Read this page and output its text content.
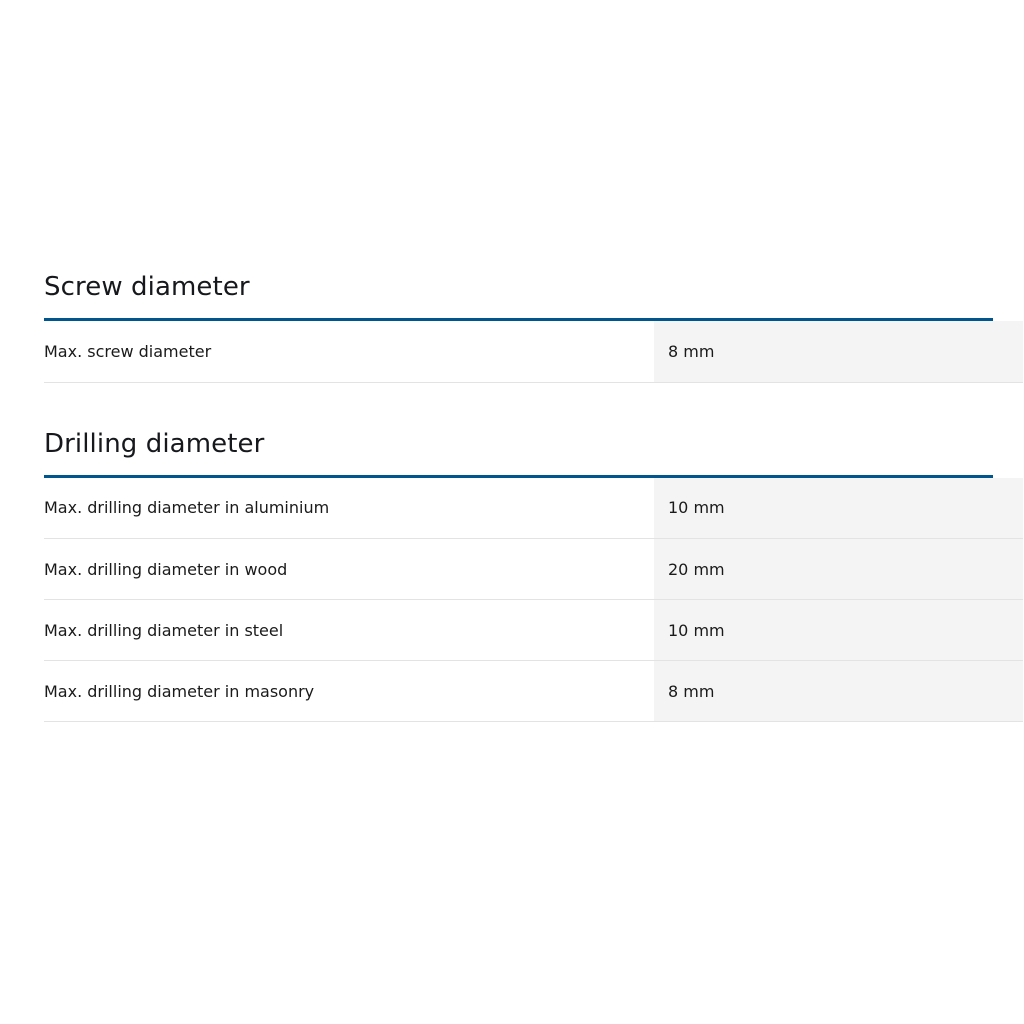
Screw diameter
Max. screw diameter	8 mm
Drilling diameter
Max. drilling diameter in aluminium	10 mm
Max. drilling diameter in wood	20 mm
Max. drilling diameter in steel	10 mm
Max. drilling diameter in masonry	8 mm
